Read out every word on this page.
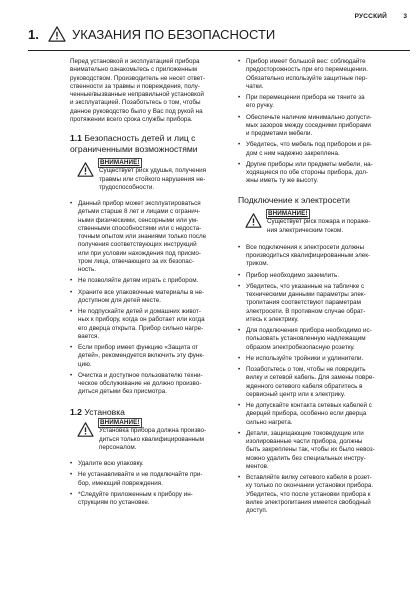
РУССКИЙ	3
1.	УКАЗАНИЯ ПО БЕЗОПАСНОСТИ

Перед установкой и эксплуатацией прибора
внимательно ознакомьтесь с приложенным
руководством. Производитель не несет ответ-
ственности за травмы и повреждения, полу-
ченные/вызванные неправильной установкой
и эксплуатацией. Позаботьтесь о том, чтобы
данное руководство было у Вас под рукой на
протяжении всего срока службы прибора.

1.1 Безопасность детей и лиц с
ограниченными возможностями
ВНИМАНИЕ!
Существует риск удушья, получения
травмы или стойкого нарушения не-
трудоспособности.
• Данный прибор может эксплуатироваться
детьми старше 8 лет и лицами с огранич-
ными физическими, сенсорными или ум-
ственными способностями или с недоста-
точным опытом или знаниями только после
получения соответствующих инструкций
или при условии нахождения под присмо-
тром лица, отвечающего за их безопас-
ность.
• Не позволяйте детям играть с прибором.
• Храните все упаковочные материалы в не-
доступном для детей месте.
• Не подпускайте детей и домашних живот-
ных к прибору, когда он работает или когда
его дверца открыта. Прибор сильно нагре-
вается.
• Если прибор имеет функцию «Защита от
детей», рекомендуется включить эту функ-
цию.
• Очистка и доступное пользователю техни-
ческое обслуживание не должно произво-
диться детьми без присмотра.
1.2 Установка
ВНИМАНИЕ!
Установка прибора должна произво-
диться только квалифицированным
персоналом.
• Удалите всю упаковку.
• Не устанавливайте и не подключайте при-
бор, имеющий повреждения.
• *Следуйте приложенным к прибору ин-
струкциям по установке.
• Прибор имеет большой вес: соблюдайте
предосторожность при его перемещении.
Обязательно используйте защитные пер-
чатки.
• При перемещении прибора не тяните за
его ручку.
• Обеспечьте наличие минимально допусти-
мых зазоров между соседними приборами
и предметами мебели.
• Убедитесь, что мебель под прибором и ря-
дом с ним надежно закреплена.
• Другие приборы или предметы мебели, на-
ходящиеся по обе стороны прибора, дол-
жны иметь ту же высоту.
Подключение к электросети
ВНИМАНИЕ!
Существует риск пожара и пораже-
ния электрическим током.
• Все подключения к электросети должны
производиться квалифицированным элек-
триком.
• Прибор необходимо заземлить.
• Убедитесь, что указанные на табличке с
техническими данными параметры элек-
тропитания соответствуют параметрам
электросети. В противном случае обрат-
итесь к электрику.
• Для подключения прибора необходимо ис-
пользовать установленную надлежащим
образом электробезопасную розетку.
• Не используйте тройники и удлинители.
• Позаботьтесь о том, чтобы не повредить
вилку и сетевой кабель. Для замены повре-
жденного сетевого кабеля обратитесь в
сервисный центр или к электрику.
• Не допускайте контакта сетевых кабелей с
дверцей прибора, особенно если дверца
сильно нагрета.
• Детали, защищающие токоведущие или
изолированные части прибора, должны
быть закреплены так, чтобы их было невоз-
можно удалить без специальных инстру-
ментов.
• Вставляйте вилку сетевого кабеля в розет-
ку только по окончании установки прибора.
Убедитесь, что после установки прибора к
вилке электропитания имеется свободный
доступ.
